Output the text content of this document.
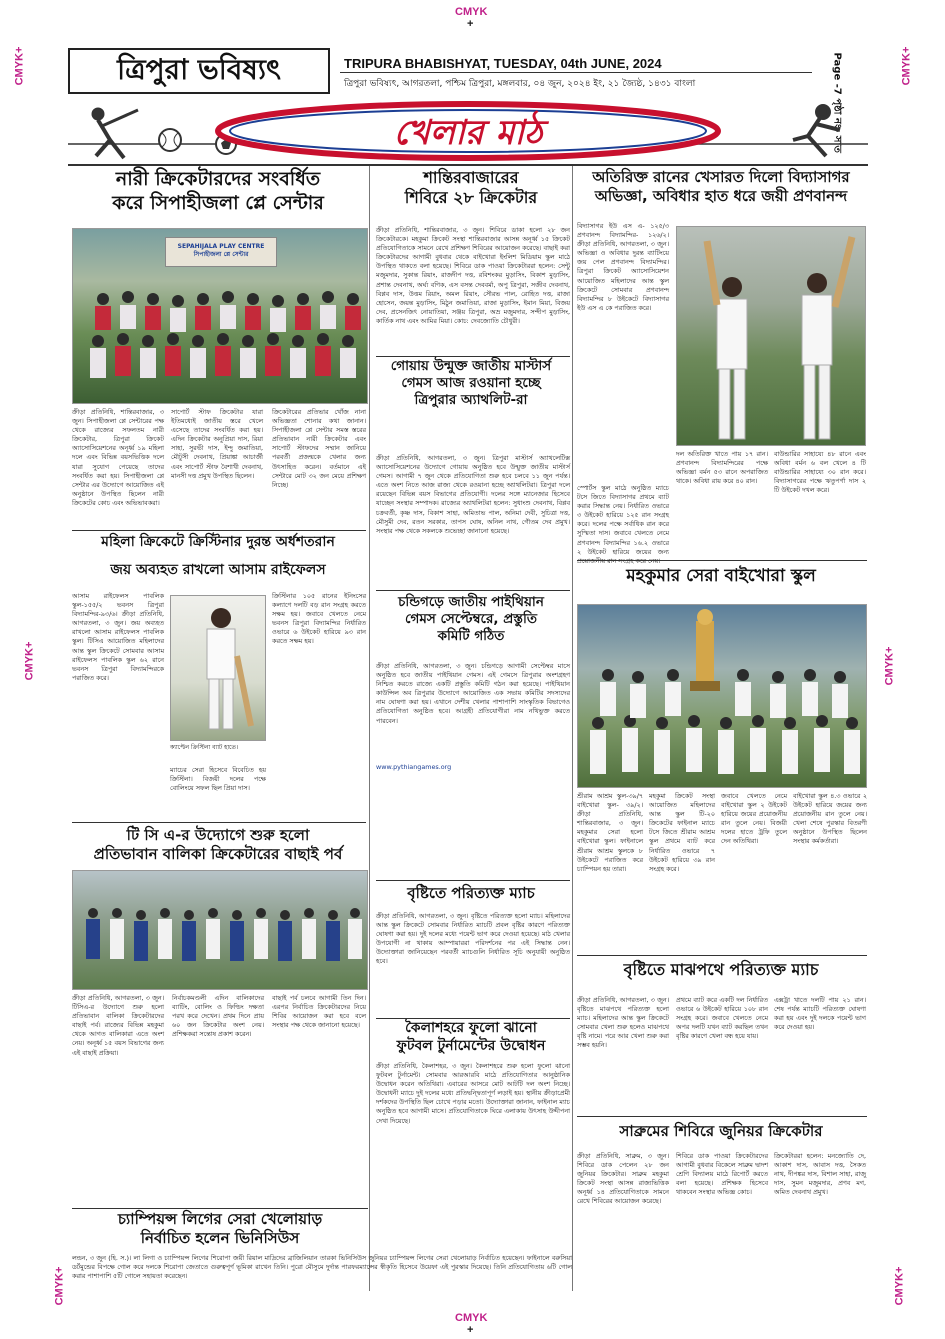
CMYK
+
CMYK
+
CMYK+
CMYK+
CMYK+
CMYK+
CMYK+
CMYK+
ত্রিপুরা ভবিষ্যৎ	TRIPURA BHABISHYAT, TUESDAY, 04th JUNE, 2024
ত্রিপুরা ভবিষ্যৎ, আগরতলা, পশ্চিম ত্রিপুরা, মঙ্গলবার, ০৪ জুন, ২০২৪ ইং, ২১ জ্যৈষ্ঠ, ১৪৩১ বাংলা	Page -7 পৃষ্ঠা নং- সাত
খেলার মাঠ
নারী ক্রিকেটারদের সংবর্ধিত
করে সিপাহীজলা প্লে সেন্টার
SEPAHIJALA PLAY CENTRE সিপাহীজলা প্লে সেন্টার
ক্রীড়া প্রতিনিধি, শান্তিরবাজার, ৩ জুন। সিপাহীজলা প্লে সেন্টারের পক্ষ থেকে রাজ্যের সফলতম নারী ক্রিকেটার, ত্রিপুরা ক্রিকেট অ্যাসোসিয়েশনের অনূর্ধ্ব ১৯ মহিলা দলে এবং বিভিন্ন বয়সভিত্তিক দলে যারা সুযোগ পেয়েছে তাদের সংবর্ধিত করা হয়। সিপাহীজলা প্লে সেন্টার এর উদ্যোগে আয়োজিত এই অনুষ্ঠানে উপস্থিত ছিলেন নারী ক্রিকেটের কোচ এবং অভিভাবকরা।
সাপোর্ট স্টাফ ক্রিকেটার যারা ইতিমধ্যেই জাতীয় স্তরে খেলে এসেছে তাদের সংবর্ধিত করা হয়। এদিন ক্রিকেটার অনুপ্রিয়া দাস, রিয়া সাহা, সুরভী দাস, ইন্দু জমাতিয়া, মৌটুসী দেবনাথ, প্রিয়াঙ্কা আচার্জী এবং সাপোর্ট স্টাফ বৈশাখী দেবনাথ, মানসী দত্ত প্রমুখ উপস্থিত ছিলেন।
ক্রিকেটারের প্রতিভার খোঁজ নানা অভিজ্ঞতা শোনার কথা জানান। সিপাহীজলা প্লে সেন্টার সমস্ত স্তরের প্রতিভাবান নারী ক্রিকেটার এবং সাপোর্ট স্টাফদের সম্মান জানিয়ে পরবর্তী প্রজন্মকে খেলার জন্য উৎসাহিত করেন। বর্তমানে এই সেন্টারে মোট ৩২ জন মেয়ে প্রশিক্ষণ নিচ্ছে।
মহিলা ক্রিকেটে ক্রিস্টিনার দুরন্ত অর্ধশতরান
জয় অব্যহত রাখলো আসাম রাইফেলস
আসাম রাইফেলস পাবলিক স্কুল-১৫৫/২ ভবনস ত্রিপুরা বিদ্যামন্দির-৯৩/৬। ক্রীড়া প্রতিনিধি, আগরতলা, ৩ জুন। জয় অব্যহত রাখলো আসাম রাইফেলস পাবলিক স্কুল। টিসিএ আয়োজিত মহিলাদের আন্ত স্কুল ক্রিকেটে সোমবার আসাম রাইফেলস পাবলিক স্কুল ৬২ রানে ভবনস ত্রিপুরা বিদ্যামন্দিরকে পরাজিত করে।
ক্যাপ্টেন ক্রিস্টিনা ব্যাট হাতে।
ম্যাচের সেরা হিসেবে বিবেচিত হয় ক্রিস্টিনা। বিজয়ী দলের পক্ষে বোলিংয়ে সফল ছিল প্রিয়া দাস।
ক্রিস্টিনার ১০৫ রানের ইনিংসের কল্যাণে দলটি বড় রান সংগ্রহ করতে সক্ষম হয়। জবাবে খেলতে নেমে ভবনস ত্রিপুরা বিদ্যামন্দির নির্ধারিত ওভারে ৬ উইকেট হারিয়ে ৯৩ রান করতে সক্ষম হয়।
টি সি এ-র উদ্যোগে শুরু হলো
প্রতিভাবান বালিকা ক্রিকেটারের বাছাই পর্ব
ক্রীড়া প্রতিনিধি, আগরতলা, ৩ জুন। টিসিএ-র উদ্যোগে শুরু হলো প্রতিভাবান বালিকা ক্রিকেটারদের বাছাই পর্ব। রাজ্যের বিভিন্ন মহকুমা থেকে আগত বালিকারা এতে অংশ নেয়। অনূর্ধ্ব ১৫ বয়স বিভাগের জন্য এই বাছাই প্রক্রিয়া।
নির্বাচকমণ্ডলী এদিন বালিকাদের ব্যাটিং, বোলিং ও ফিল্ডিং দক্ষতা পরখ করে দেখেন। প্রথম দিনে প্রায় ৬০ জন ক্রিকেটার অংশ নেয়। প্রশিক্ষকরা সন্তোষ প্রকাশ করেন।
বাছাই পর্ব চলবে আগামী তিন দিন। এরপর নির্বাচিত ক্রিকেটারদের নিয়ে শিবির আয়োজন করা হবে বলে সংস্থার পক্ষ থেকে জানানো হয়েছে।
চ্যাম্পিয়ন্স লিগের সেরা খেলোয়াড়
নির্বাচিত হলেন ভিনিসিউস
লন্ডন, ৩ জুন (হি. স.)। লা লিগা ও চ্যাম্পিয়ন্স লিগের শিরোপা জয়ী রিয়াল মাদ্রিদের ব্রাজিলিয়ান তারকা ভিনিসিউস জুনিয়র চ্যাম্পিয়ন্স লিগের সেরা খেলোয়াড় নির্বাচিত হয়েছেন। ফাইনালে বরুসিয়া ডর্টমুন্ডের বিপক্ষে গোল করে দলকে শিরোপা জেতাতে গুরুত্বপূর্ণ ভূমিকা রাখেন তিনি। পুরো মৌসুমে দুর্দান্ত পারফরম্যান্সের স্বীকৃতি হিসেবে উয়েফা এই পুরস্কার দিয়েছে। তিনি প্রতিযোগিতায় ৬টি গোল করার পাশাপাশি ৫টি গোলে সহায়তা করেছেন।
শান্তিরবাজারের
শিবিরে ২৮ ক্রিকেটার
ক্রীড়া প্রতিনিধি, শান্তিরবাজার, ৩ জুন। শিবিরে ডাকা হলো ২৮ জন ক্রিকেটারকে। মহকুমা ক্রিকেট সংস্থা শান্তিরবাজার আসন্ন অনূর্ধ্ব ১৫ ক্রিকেট প্রতিযোগিতাকে সামনে রেখে প্রশিক্ষণ শিবিরের আয়োজন করেছে। বাছাই করা ক্রিকেটারদের আগামী বুধবার থেকে বাইখোরা ইংলিশ মিডিয়াম স্কুল মাঠে উপস্থিত থাকতে বলা হয়েছে। শিবিরে ডাক পাওয়া ক্রিকেটাররা হলেন: সেন্টু মজুমদার, সুকান্ত রিয়াং, রাজদীপ দত্ত, রবিশংকর মুড়াসিং, বিকাশ মুড়াসিং, প্রশান্ত দেবনাথ, অর্ঘ্য বণিক, এস বসন্ত দেববর্মা, অপু ত্রিপুরা, সজীব দেবনাথ, বিপ্লব দাস, উত্তম রিয়াং, অমল রিয়াং, সৌরভ পাল, রোহিত দত্ত, রাজা হোসেন, জয়ন্ত মুড়াসিং, মিঠুন জমাতিয়া, রাজা মুড়াসিং, ইমান মিয়া, বিজয় দেব, প্রসেনজিৎ নোয়াতিয়া, সঞ্জয় ত্রিপুরা, অভ্র মজুমদার, সন্দীপ মুড়াসিং, কার্তিক নাথ এবং আমির মিয়া। কোচ: দেবজ্যোতি চৌধুরী।
গোয়ায় উন্মুক্ত জাতীয় মাস্টার্স
গেমস আজ রওয়ানা হচ্ছে
ত্রিপুরার অ্যাথলিট-রা
ক্রীড়া প্রতিনিধি, আগরতলা, ৩ জুন। ত্রিপুরা মাস্টার্স অ্যাথলেটিক্স অ্যাসোসিয়েশনের উদ্যোগে গোয়ায় অনুষ্ঠিত হবে উন্মুক্ত জাতীয় মাস্টার্স গেমস। আগামী ৭ জুন থেকে প্রতিযোগিতা শুরু হবে চলবে ১১ জুন পর্যন্ত। এতে অংশ নিতে আজ রাজ্য থেকে রওয়ানা হচ্ছে অ্যাথলিটরা। ত্রিপুরা দলে রয়েছেন বিভিন্ন বয়স বিভাগের প্রতিযোগী। দলের সঙ্গে ম্যানেজার হিসেবে যাচ্ছেন সংস্থার সম্পাদক। রাজ্যের অ্যাথলিটরা হলেন: সুধাংশু দেবনাথ, বিপ্লব চক্রবর্তী, কৃষ্ণ দাস, বিকাশ সাহা, অমিতাভ পাল, অনিমা দেবী, সুচিত্রা দত্ত, মৌসুমী দেব, রতন সরকার, তাপস ঘোষ, অনিল নাথ, গৌতম দেব প্রমুখ। সংস্থার পক্ষ থেকে সকলকে শুভেচ্ছা জানানো হয়েছে।
চন্ডিগড়ে জাতীয় পাইথিয়ান
গেমস সেপ্টেম্বরে, প্রস্তুতি
কমিটি গঠিত
ক্রীড়া প্রতিনিধি, আগরতলা, ৩ জুন। চন্ডিগড়ে আগামী সেপ্টেম্বর মাসে অনুষ্ঠিত হবে জাতীয় পাইথিয়ান গেমস। এই গেমসে ত্রিপুরার অংশগ্রহণ নিশ্চিত করতে রাজ্যে একটি প্রস্তুতি কমিটি গঠন করা হয়েছে। পাইথিয়ান কাউন্সিল অব ত্রিপুরার উদ্যোগে আয়োজিত এক সভায় কমিটির সদস্যদের নাম ঘোষণা করা হয়। এখানে দেশীয় খেলার পাশাপাশি সাংস্কৃতিক বিভাগেও প্রতিযোগিতা অনুষ্ঠিত হবে। আগ্রহী প্রতিযোগীরা নাম নথিভুক্ত করতে পারবেন।
www.pythiangames.org
বৃষ্টিতে পরিত্যক্ত ম্যাচ
ক্রীড়া প্রতিনিধি, আগরতলা, ৩ জুন। বৃষ্টিতে পরিত্যক্ত হলো ম্যাচ। মহিলাদের আন্ত স্কুল ক্রিকেটে সোমবার নির্ধারিত ম্যাচটি প্রবল বৃষ্টির কারণে পরিত্যক্ত ঘোষণা করা হয়। দুই দলের মধ্যে পয়েন্ট ভাগ করে দেওয়া হয়েছে। মাঠ খেলার উপযোগী না থাকায় আম্পায়াররা পরিদর্শনের পর এই সিদ্ধান্ত নেন। উদ্যোক্তারা জানিয়েছেন পরবর্তী ম্যাচগুলি নির্ধারিত সূচি অনুযায়ী অনুষ্ঠিত হবে।
কৈলাশহরে ফুলো ঝানো
ফুটবল টুর্নামেন্টের উদ্বোধন
ক্রীড়া প্রতিনিধি, কৈলাশহর, ৩ জুন। কৈলাশহরে শুরু হলো ফুলো ঝানো ফুটবল টুর্নামেন্ট। সোমবার আরআরবি মাঠে প্রতিযোগিতার আনুষ্ঠানিক উদ্বোধন করেন অতিথিরা। এবারের আসরে মোট আটটি দল অংশ নিচ্ছে। উদ্বোধনী ম্যাচে দুই দলের মধ্যে প্রতিদ্বন্দ্বিতাপূর্ণ লড়াই হয়। স্থানীয় ক্রীড়াপ্রেমী দর্শকদের উপস্থিতি ছিল চোখে পড়ার মতো। উদ্যোক্তারা জানান, ফাইনাল ম্যাচ অনুষ্ঠিত হবে আগামী মাসে। প্রতিযোগিতাকে ঘিরে এলাকায় উৎসাহ উদ্দীপনা দেখা দিয়েছে।
অতিরিক্ত রানের খেসারত দিলো বিদ্যাসাগর
অভিজ্ঞা, অবিধার হাত ধরে জয়ী প্রণবানন্দ
বিদ্যাসাগর ইউ এস এ- ১২৫/৩ প্রণবানন্দ বিদ্যামন্দির- ১২৬/২। ক্রীড়া প্রতিনিধি, আগরতলা, ৩ জুন। অভিজ্ঞা ও অবিধার দুরন্ত ব্যাটিংয়ে জয় পেল প্রণবানন্দ বিদ্যামন্দির। ত্রিপুরা ক্রিকেট অ্যাসোসিয়েশন আয়োজিত মহিলাদের আন্ত স্কুল ক্রিকেটে সোমবার প্রণবানন্দ বিদ্যামন্দির ৮ উইকেটে বিদ্যাসাগর ইউ এস এ কে পরাজিত করে।
দল অতিরিক্ত খাতে পায় ১৭ রান। প্রণবানন্দ বিদ্যামন্দিরের পক্ষে অভিজ্ঞা বর্মন ৫৩ রানে অপরাজিত থাকে। অবিধা রায় করে ৪০ রান।
বাউন্ডারির সাহায্যে ৪৮ রানে এবং অবিধা বর্মন ৬ বল খেলে ৪ টি বাউন্ডারির সাহায্যে ৩০ রান করে। বিদ্যাসাগরের পক্ষে ঋতুপর্ণা দাস ২ টি উইকেট দখল করে।
স্পোর্টস স্কুল মাঠে অনুষ্ঠিত ম্যাচে টসে জিতে বিদ্যাসাগর প্রথমে ব্যাট করার সিদ্ধান্ত নেয়। নির্ধারিত ওভারে ৩ উইকেট হারিয়ে ১২৫ রান সংগ্রহ করে। দলের পক্ষে সর্বাধিক রান করে সুস্মিতা দাস। জবাবে খেলতে নেমে প্রণবানন্দ বিদ্যামন্দির ১৬.২ ওভারে ২ উইকেট হারিয়ে জয়ের জন্য
মহকুমার সেরা বাইখোরা স্কুল
শ্রীরাম আশ্রম স্কুল-৩৯/৭ বাইখোরা স্কুল- ৩৯/২। ক্রীড়া প্রতিনিধি, শান্তিরবাজার, ৩ জুন। মহকুমার সেরা হলো বাইখোরা স্কুল। ফাইনালে শ্রীরাম আশ্রম স্কুলকে ৮ উইকেটে পরাজিত করে চ্যাম্পিয়ন হয় তারা।
মহকুমা ক্রিকেট সংস্থা আয়োজিত মহিলাদের আন্ত স্কুল টি-২০ ক্রিকেটের ফাইনাল ম্যাচে টসে জিতে শ্রীরাম আশ্রম স্কুল প্রথমে ব্যাট করে নির্ধারিত ওভারে ৭ উইকেট হারিয়ে ৩৯ রান সংগ্রহ করে।
জবাবে খেলতে নেমে বাইখোরা স্কুল ২ উইকেট হারিয়ে জয়ের প্রয়োজনীয় রান তুলে নেয়। বিজয়ী দলের হাতে ট্রফি তুলে দেন অতিথিরা।
বাইখোরা স্কুল ৪.৩ ওভারে ২ উইকেট হারিয়ে জয়ের জন্য প্রয়োজনীয় রান তুলে নেয়। খেলা শেষে পুরস্কার বিতরণী অনুষ্ঠানে উপস্থিত ছিলেন সংস্থার কর্মকর্তারা।
বৃষ্টিতে মাঝপথে পরিত্যক্ত ম্যাচ
ক্রীড়া প্রতিনিধি, আগরতলা, ৩ জুন। বৃষ্টিতে মাঝপথে পরিত্যক্ত হলো ম্যাচ। মহিলাদের আন্ত স্কুল ক্রিকেটে সোমবার খেলা শুরু হলেও মাঝপথে বৃষ্টি নামে। পরে আর খেলা শুরু করা সম্ভব হয়নি।
প্রথমে ব্যাট করে একটি দল নির্ধারিত ওভারে ৬ উইকেট হারিয়ে ১০৮ রান সংগ্রহ করে। জবাবে খেলতে নেমে অপর দলটি যখন ব্যাট করছিল তখন বৃষ্টির কারণে খেলা বন্ধ হয়ে যায়।
এক্সট্রা খাতে দলটি পায় ২১ রান। শেষ পর্যন্ত ম্যাচটি পরিত্যক্ত ঘোষণা করা হয় এবং দুই দলকে পয়েন্ট ভাগ করে দেওয়া হয়।
সাব্রুমের শিবিরে জুনিয়র ক্রিকেটার
ক্রীড়া প্রতিনিধি, সাব্রুম, ৩ জুন। শিবিরে ডাক পেলেন ২৮ জন জুনিয়র ক্রিকেটার। সাব্রুম মহকুমা ক্রিকেট সংস্থা আসন্ন রাজ্যভিত্তিক অনূর্ধ্ব ১৪ প্রতিযোগিতাকে সামনে রেখে শিবিরের আয়োজন করেছে।
শিবিরে ডাক পাওয়া ক্রিকেটারদের আগামী বুধবার বিকেলে সাব্রুম দ্বাদশ শ্রেণি বিদ্যালয় মাঠে রিপোর্ট করতে বলা হয়েছে। প্রশিক্ষক হিসেবে থাকবেন সংস্থার অভিজ্ঞ কোচ।
ক্রিকেটাররা হলেন: মনজ্যোতি দে, আকাশ দাস, আবাস দত্ত, সৈকত নাথ, দীপঙ্কর দাস, বিশাল সাহা, রাজু দাস, সুমন মজুমদার, প্রণব মগ, অমিত দেবনাথ প্রমুখ।
